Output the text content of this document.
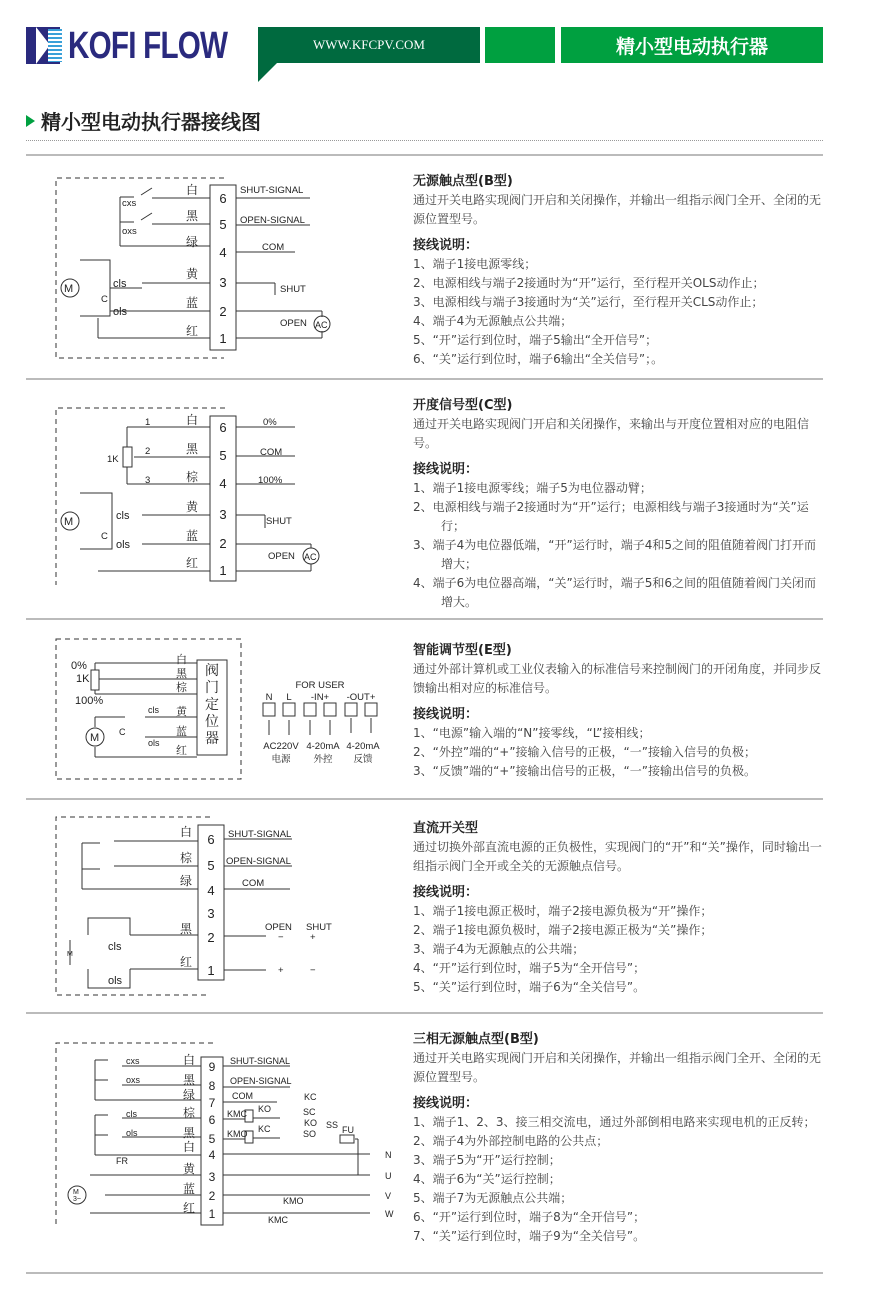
KOFI FLOW	WWW.KFCPV.COM	精小型电动执行器
精小型电动执行器接线图
无源触点型(B型)
通过开关电路实现阀门开启和关闭操作，并输出一组指示阀门全开、全闭的无源位置型号。
接线说明：
1、端子1接电源零线；
2、电源相线与端子2接通时为“开”运行，至行程开关OLS动作止；
3、电源相线与端子3接通时为“关”运行，至行程开关CLS动作止；
4、端子4为无源触点公共端；
5、“开”运行到位时，端子5输出“全开信号”；
6、“关”运行到位时，端子6输出“全关信号”；。
开度信号型(C型)
通过开关电路实现阀门开启和关闭操作，来输出与开度位置相对应的电阻信号。
接线说明：
1、端子1接电源零线；端子5为电位器动臂；
2、电源相线与端子2接通时为“开”运行；电源相线与端子3接通时为“关”运行；
3、端子4为电位器低端，“开”运行时，端子4和5之间的阻值随着阀门打开而增大；
4、端子6为电位器高端，“关”运行时，端子5和6之间的阻值随着阀门关闭而增大。
智能调节型(E型)
通过外部计算机或工业仪表输入的标准信号来控制阀门的开闭角度，并同步反馈输出相对应的标准信号。
接线说明：
1、“电源”输入端的“N”接零线，“L”接相线；
2、“外控”端的“+”接输入信号的正极，“一”接输入信号的负极；
3、“反馈”端的“+”接输出信号的正极，“一”接输出信号的负极。
直流开关型
通过切换外部直流电源的正负极性，实现阀门的“开”和“关”操作，同时输出一组指示阀门全开或全关的无源触点信号。
接线说明：
1、端子1接电源正极时，端子2接电源负极为“开”操作；
2、端子1接电源负极时，端子2接电源正极为“关”操作；
3、端子4为无源触点的公共端；
4、“开”运行到位时，端子5为“全开信号”；
5、“关”运行到位时，端子6为“全关信号”。
三相无源触点型(B型)
通过开关电路实现阀门开启和关闭操作，并输出一组指示阀门全开、全闭的无源位置型号。
接线说明：
1、端子1、2、3、接三相交流电，通过外部倒相电路来实现电机的正反转；
2、端子4为外部控制电路的公共点；
3、端子5为“开”运行控制；
4、端子6为“关”运行控制；
5、端子7为无源触点公共端；
6、“开”运行到位时，端子8为“全开信号”；
7、“关”运行到位时，端子9为“全关信号”。
白
黑
绿
黄
蓝
红
6
5
4
3
2
1
SHUT-SIGNAL
OPEN-SIGNAL
COM
SHUT
OPEN
cxs
oxs
cls
ols
M
C
AC
白
黑
棕
黄
蓝
红
6
5
4
3
2
1
0%
COM
100%
SHUT
OPEN
1
2
3
1K
cls
ols
M
C
AC
白
黑
棕
黄
蓝
红
0%
1K
100%
M
cls
ols
C
阀门定位器
FOR USER
N L -IN+ -OUT+
AC220V 4-20mA 4-20mA
电源 外控 反馈
白
棕
绿
黑
红
6
5
4
3
2
1
SHUT-SIGNAL
OPEN-SIGNAL
COM
OPEN SHUT
−	+
+	−
cls
ols
M
白
黑
绿
棕
黑
白
黄
蓝
红
9
8
7
6
5
4
3
2
1
SHUT-SIGNAL
OPEN-SIGNAL
COM
N
U
V
W
cxs
oxs
cls
ols
FR
M
3~
KMC
KMO
KO
KC
KC
SC
KO
SO
SS FU
KMO
KMC
